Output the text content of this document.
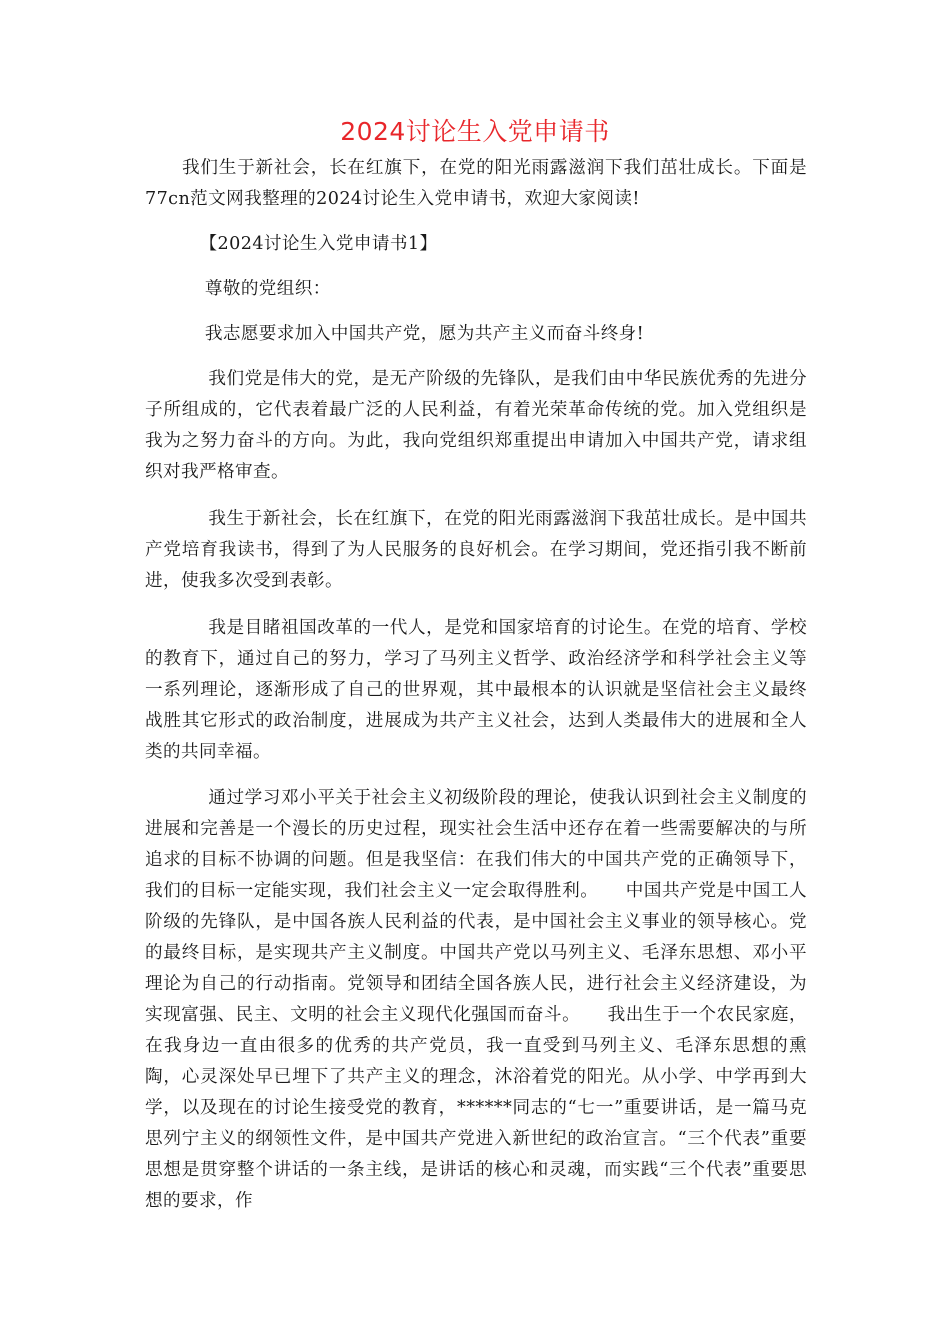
2024讨论生入党申请书

我们生于新社会，长在红旗下，在党的阳光雨露滋润下我们茁壮成长。下面是77cn范文网我整理的2024讨论生入党申请书，欢迎大家阅读!

【2024讨论生入党申请书1】

尊敬的党组织：

我志愿要求加入中国共产党，愿为共产主义而奋斗终身!

我们党是伟大的党，是无产阶级的先锋队，是我们由中华民族优秀的先进分子所组成的，它代表着最广泛的人民利益，有着光荣革命传统的党。加入党组织是我为之努力奋斗的方向。为此，我向党组织郑重提出申请加入中国共产党，请求组织对我严格审查。

我生于新社会，长在红旗下，在党的阳光雨露滋润下我茁壮成长。是中国共产党培育我读书，得到了为人民服务的良好机会。在学习期间，党还指引我不断前进，使我多次受到表彰。

我是目睹祖国改革的一代人，是党和国家培育的讨论生。在党的培育、学校的教育下，通过自己的努力，学习了马列主义哲学、政治经济学和科学社会主义等一系列理论，逐渐形成了自己的世界观，其中最根本的认识就是坚信社会主义最终战胜其它形式的政治制度，进展成为共产主义社会，达到人类最伟大的进展和全人类的共同幸福。

通过学习邓小平关于社会主义初级阶段的理论，使我认识到社会主义制度的进展和完善是一个漫长的历史过程，现实社会生活中还存在着一些需要解决的与所追求的目标不协调的问题。但是我坚信：在我们伟大的中国共产党的正确领导下，我们的目标一定能实现，我们社会主义一定会取得胜利。　　中国共产党是中国工人阶级的先锋队，是中国各族人民利益的代表，是中国社会主义事业的领导核心。党的最终目标，是实现共产主义制度。中国共产党以马列主义、毛泽东思想、邓小平理论为自己的行动指南。党领导和团结全国各族人民，进行社会主义经济建设，为实现富强、民主、文明的社会主义现代化强国而奋斗。　　我出生于一个农民家庭，在我身边一直由很多的优秀的共产党员，我一直受到马列主义、毛泽东思想的熏陶，心灵深处早已埋下了共产主义的理念，沐浴着党的阳光。从小学、中学再到大学，以及现在的讨论生接受党的教育，******同志的“七一”重要讲话，是一篇马克思列宁主义的纲领性文件，是中国共产党进入新世纪的政治宣言。“三个代表”重要思想是贯穿整个讲话的一条主线，是讲话的核心和灵魂，而实践“三个代表”重要思想的要求，作
